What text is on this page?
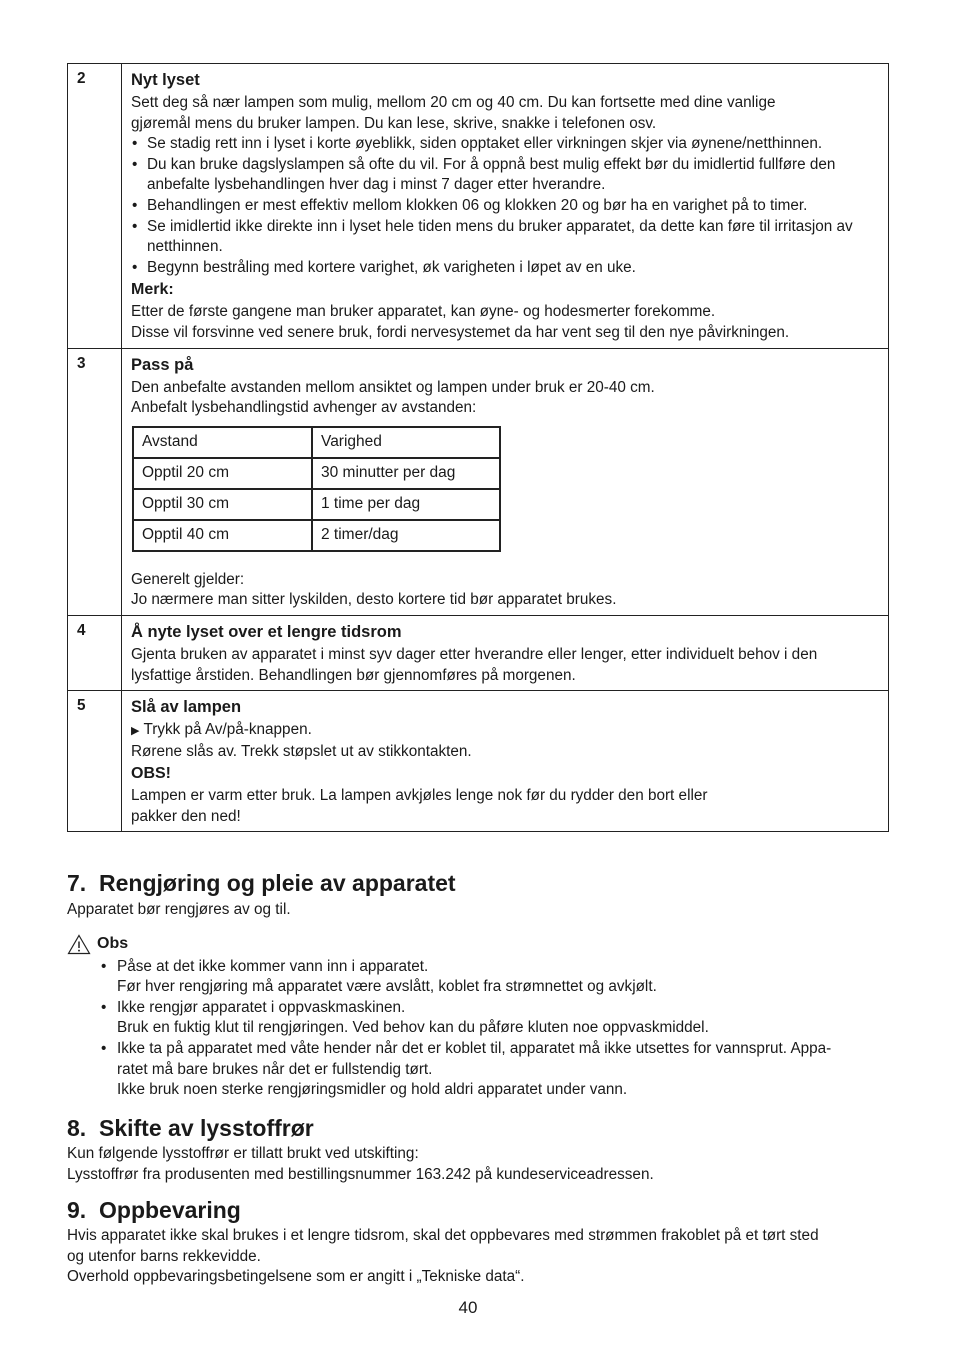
2	Nyt lyset

Sett deg så nær lampen som mulig, mellom 20 cm og 40 cm. Du kan fortsette med dine vanlige

gjøremål mens du bruker lampen. Du kan lese, skrive, snakke i telefonen osv.

• Se stadig rett inn i lyset i korte øyeblikk, siden opptaket eller virkningen skjer via øynene/netthinnen.
• Du kan bruke dagslyslampen så ofte du vil. For å oppnå best mulig effekt bør du imidlertid fullføre den anbefalte lysbehandlingen hver dag i minst 7 dager etter hverandre.
• Behandlingen er mest effektiv mellom klokken 06 og klokken 20 og bør ha en varighet på to timer.
• Se imidlertid ikke direkte inn i lyset hele tiden mens du bruker apparatet, da dette kan føre til irritasjon av netthinnen.
• Begynn bestråling med kortere varighet, øk varigheten i løpet av en uke.
Merk:

Etter de første gangene man bruker apparatet, kan øyne- og hodesmerter forekomme.

Disse vil forsvinne ved senere bruk, fordi nervesystemet da har vent seg til den nye påvirkningen.

3	Pass på

Den anbefalte avstanden mellom ansiktet og lampen under bruk er 20-40 cm.

Anbefalt lysbehandlingstid avhenger av avstanden:

Avstand	Varighed
Opptil 20 cm	30 minutter per dag
Opptil 30 cm	1 time per dag
Opptil 40 cm	2 timer/dag

Generelt gjelder:

Jo nærmere man sitter lyskilden, desto kortere tid bør apparatet brukes.

4	Å nyte lyset over et lengre tidsrom

Gjenta bruken av apparatet i minst syv dager etter hverandre eller lenger, etter individuelt behov i den

lysfattige årstiden. Behandlingen bør gjennomføres på morgenen.

5	Slå av lampen

▶ Trykk på Av/på-knappen.

Rørene slås av. Trekk støpslet ut av stikkontakten.

OBS!

Lampen er varm etter bruk. La lampen avkjøles lenge nok før du rydder den bort eller

pakker den ned!

7. Rengjøring og pleie av apparatet

Apparatet bør rengjøres av og til.

Obs
• Påse at det ikke kommer vann inn i apparatet.
Før hver rengjøring må apparatet være avslått, koblet fra strømnettet og avkjølt.
• Ikke rengjør apparatet i oppvaskmaskinen.
Bruk en fuktig klut til rengjøringen. Ved behov kan du påføre kluten noe oppvaskmiddel.
• Ikke ta på apparatet med våte hender når det er koblet til, apparatet må ikke utsettes for vannsprut. Appa-
ratet må bare brukes når det er fullstendig tørt.
Ikke bruk noen sterke rengjøringsmidler og hold aldri apparatet under vann.
8. Skifte av lysstoffrør

Kun følgende lysstoffrør er tillatt brukt ved utskifting:

Lysstoffrør fra produsenten med bestillingsnummer 163.242 på kundeserviceadressen.

9. Oppbevaring

Hvis apparatet ikke skal brukes i et lengre tidsrom, skal det oppbevares med strømmen frakoblet på et tørt sted

og utenfor barns rekkevidde.

Overhold oppbevaringsbetingelsene som er angitt i „Tekniske data“.

40
